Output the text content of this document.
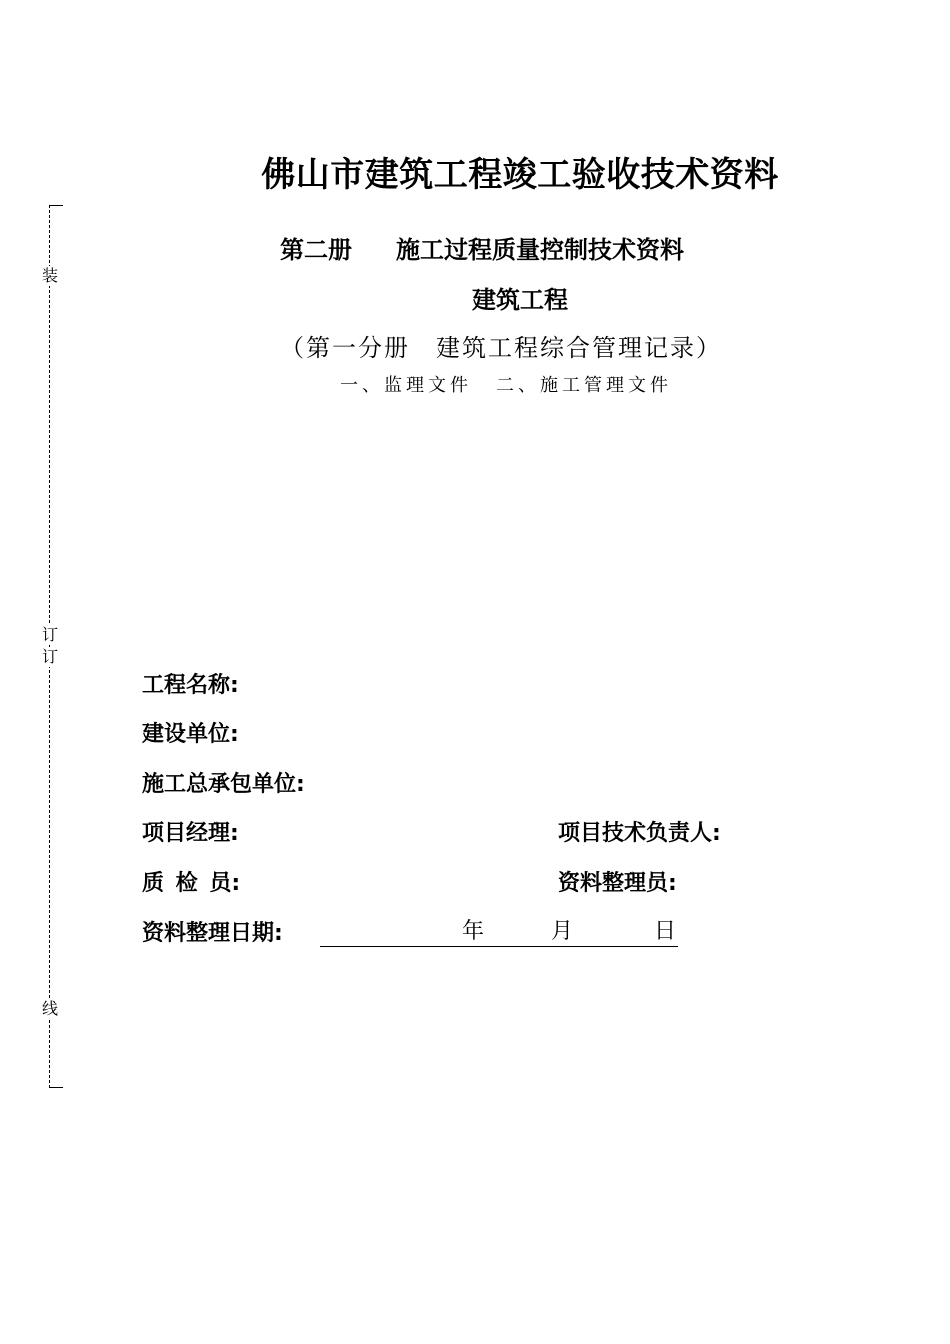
装
订
订
线
佛山市建筑工程竣工验收技术资料
第二册 施工过程质量控制技术资料
建筑工程
（第一分册　建筑工程综合管理记录）
一、监理文件 二、施工管理文件
工程名称:
建设单位:
施工总承包单位:
项目经理:	项目技术负责人:
质 检 员:	资料整理员:
资料整理日期:	年	月	日
